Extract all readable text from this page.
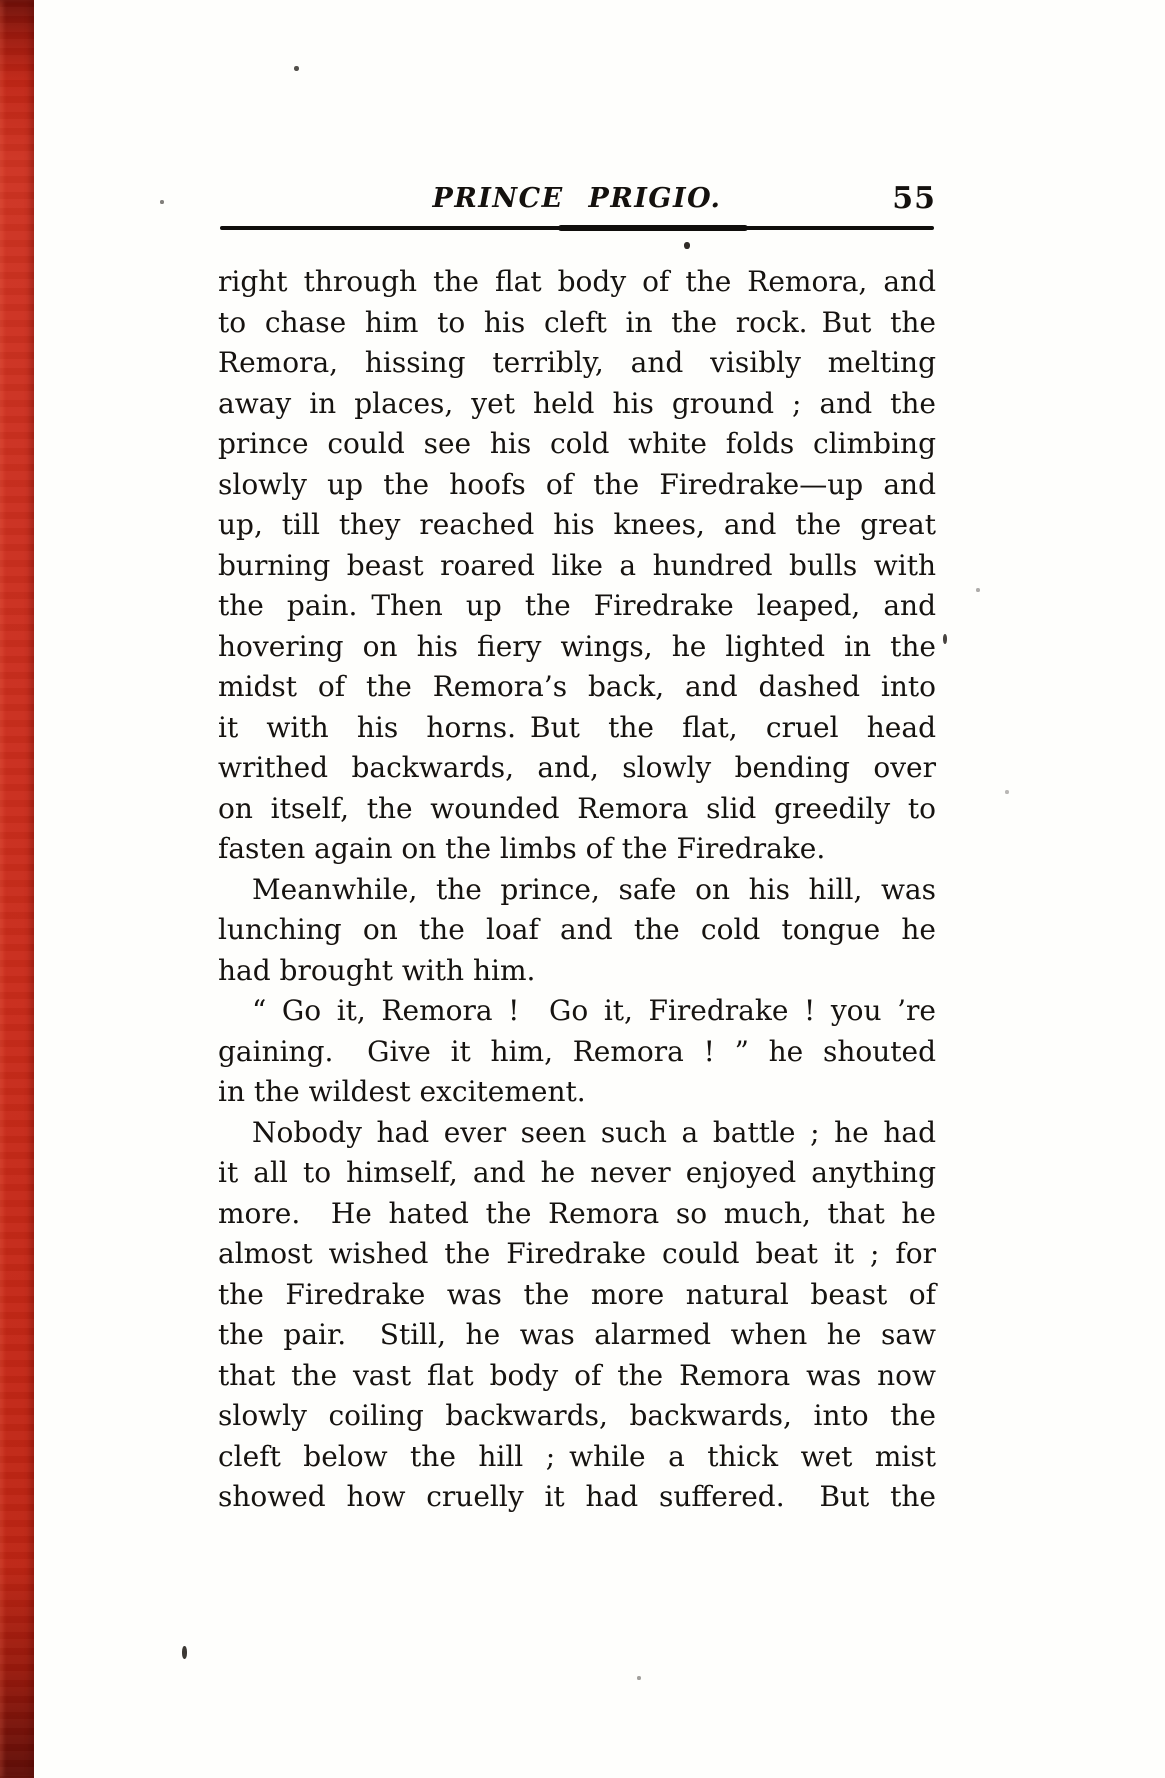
PRINCE PRIGIO.	55
right through the flat body of the Remora, and
to chase him to his cleft in the rock. But the
Remora, hissing terribly, and visibly melting
away in places, yet held his ground ; and the
prince could see his cold white folds climbing
slowly up the hoofs of the Firedrake—up and
up, till they reached his knees, and the great
burning beast roared like a hundred bulls with
the pain. Then up the Firedrake leaped, and
hovering on his fiery wings, he lighted in the
midst of the Remora’s back, and dashed into
it with his horns. But the flat, cruel head
writhed backwards, and, slowly bending over
on itself, the wounded Remora slid greedily to
fasten again on the limbs of the Firedrake.
Meanwhile, the prince, safe on his hill, was
lunching on the loaf and the cold tongue he
had brought with him.
“ Go it, Remora !  Go it, Firedrake ! you ’re
gaining.  Give it him, Remora ! ” he shouted
in the wildest excitement.
Nobody had ever seen such a battle ; he had
it all to himself, and he never enjoyed anything
more.  He hated the Remora so much, that he
almost wished the Firedrake could beat it ; for
the Firedrake was the more natural beast of
the pair.  Still, he was alarmed when he saw
that the vast flat body of the Remora was now
slowly coiling backwards, backwards, into the
cleft below the hill ; while a thick wet mist
showed how cruelly it had suffered.  But the
